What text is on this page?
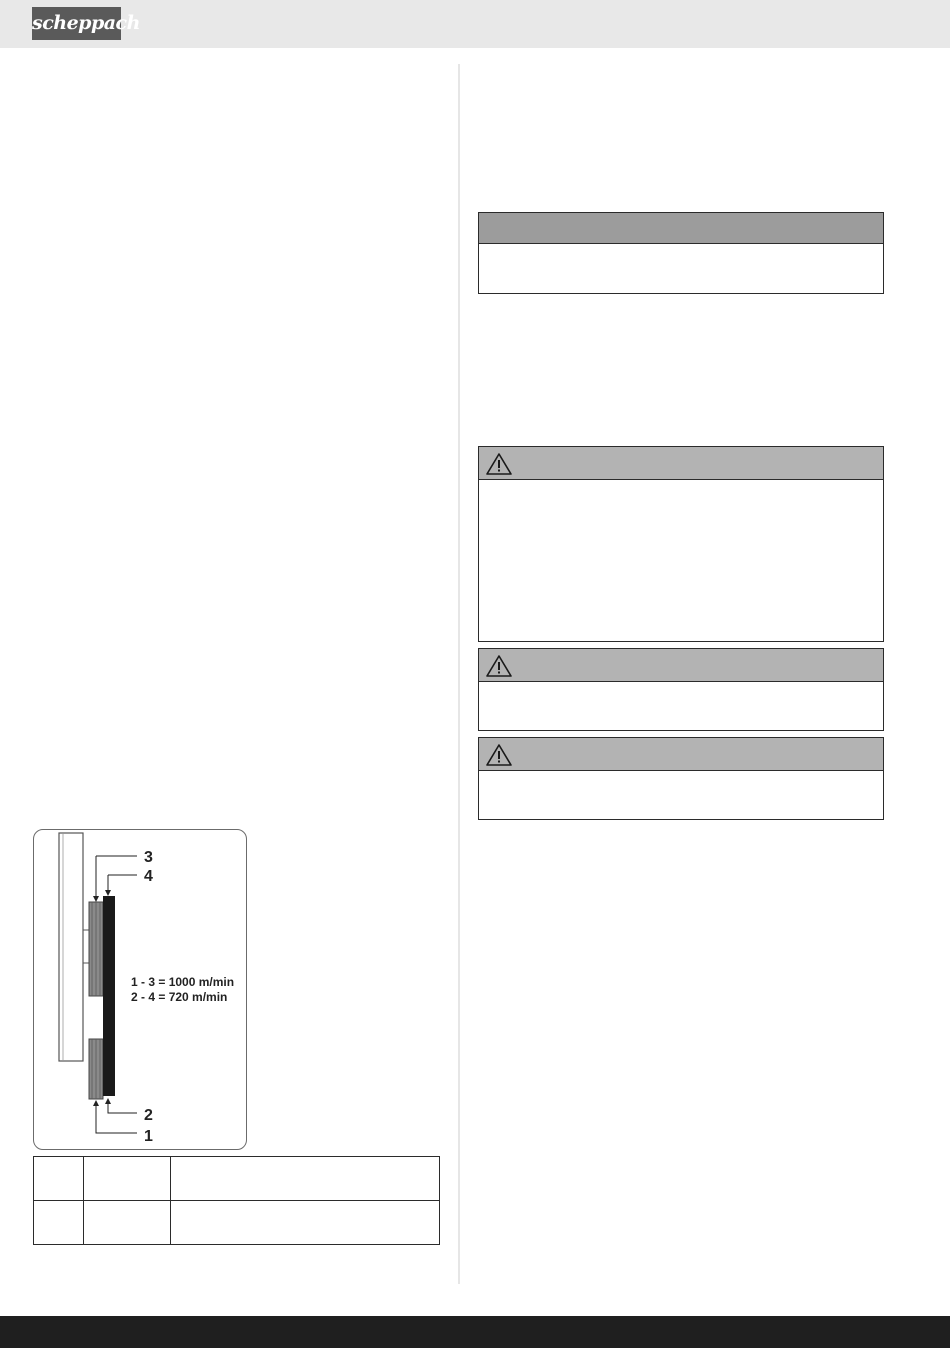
scheppach
3
4
2
1
1 - 3 = 1000 m/min
2 - 4 = 720 m/min
